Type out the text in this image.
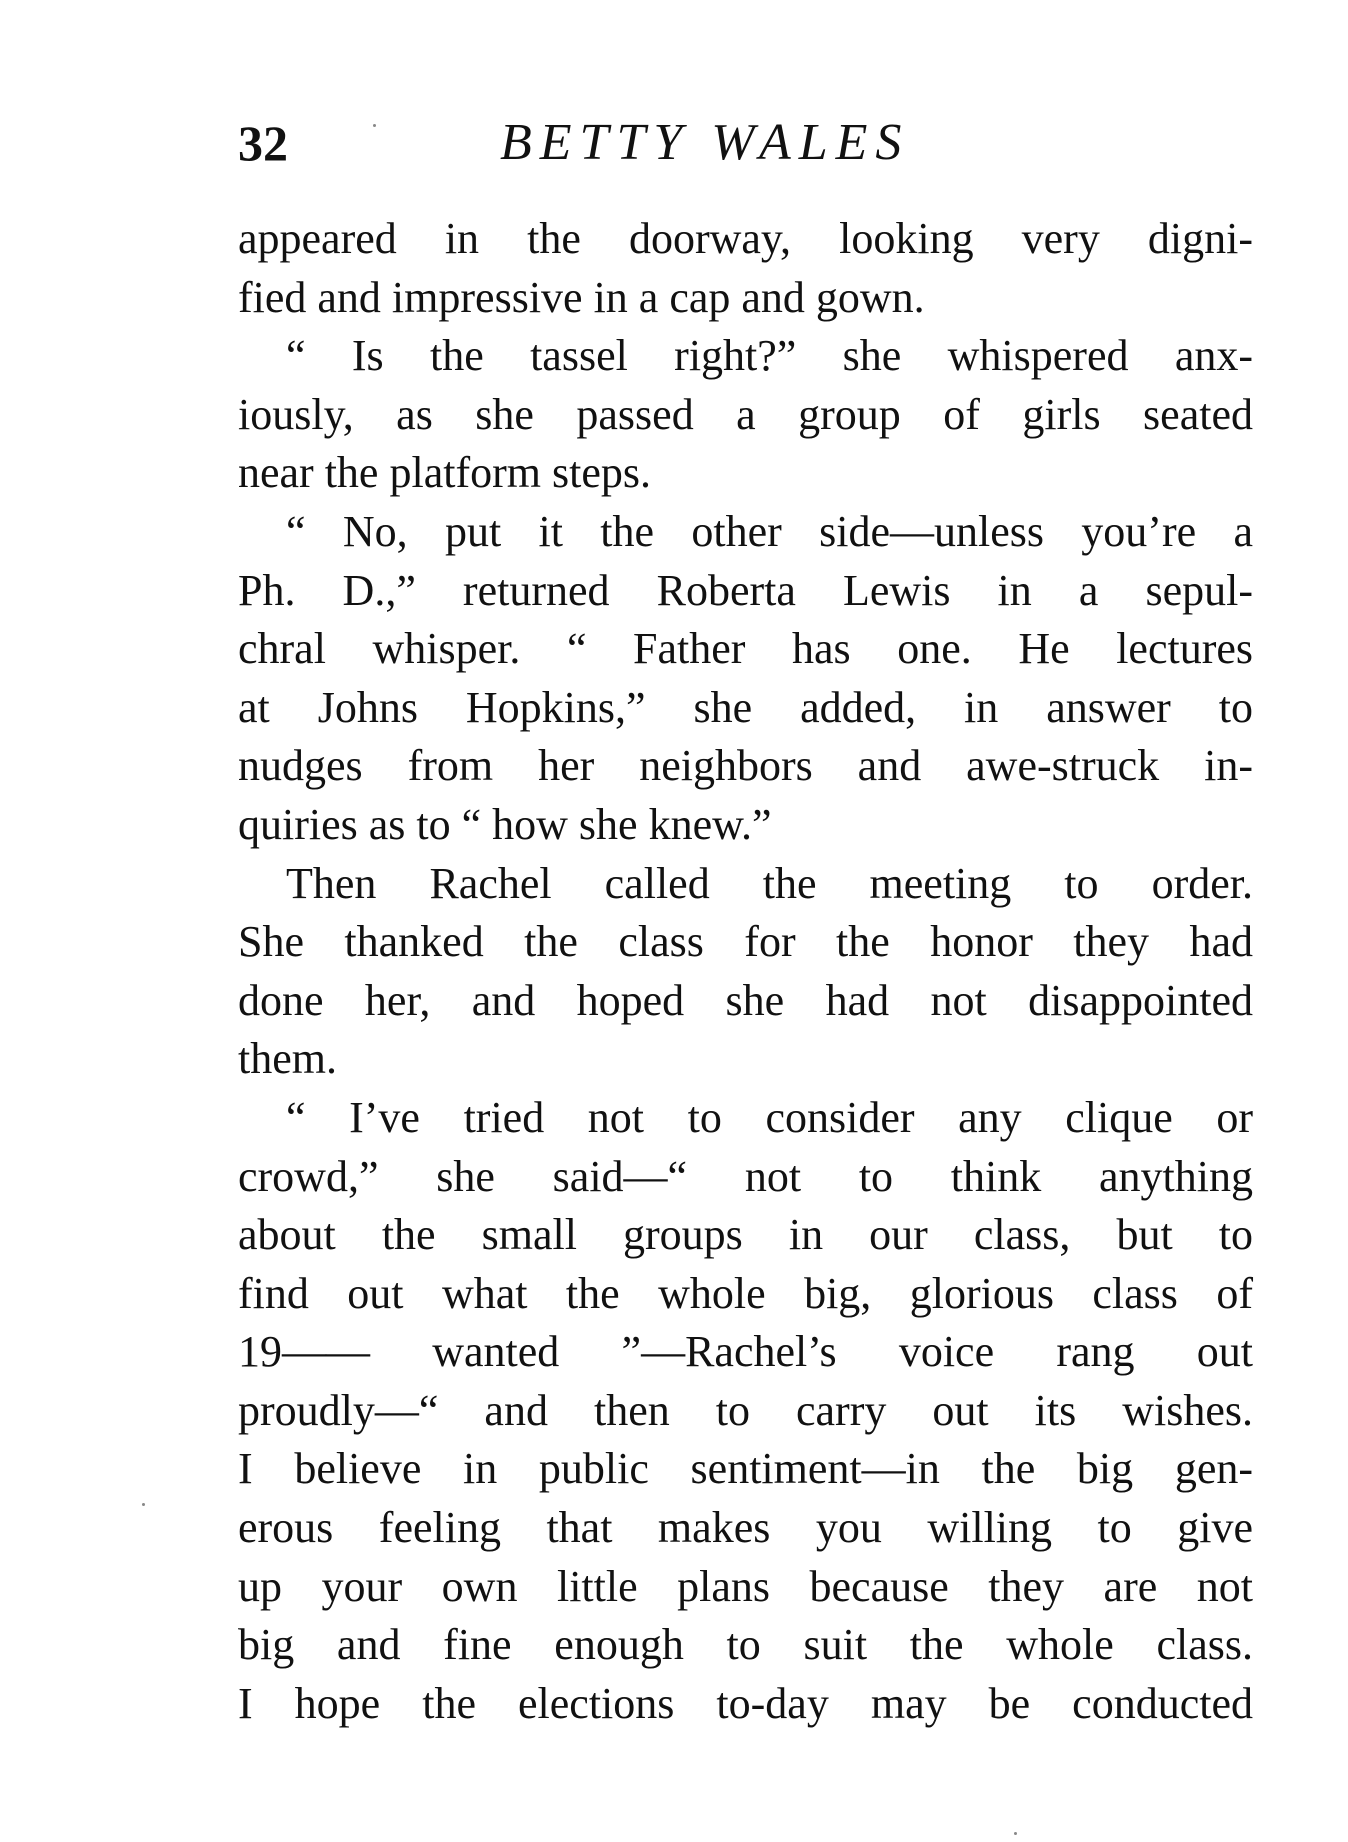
32	BETTY WALES
appeared in the doorway, looking very digni-
fied and impressive in a cap and gown.
“ Is the tassel right?” she whispered anx-
iously, as she passed a group of girls seated
near the platform steps.
“ No, put it the other side—unless you’re a
Ph. D.,” returned Roberta Lewis in a sepul-
chral whisper. “ Father has one. He lectures
at Johns Hopkins,” she added, in answer to
nudges from her neighbors and awe-struck in-
quiries as to “ how she knew.”
Then Rachel called the meeting to order.
She thanked the class for the honor they had
done her, and hoped she had not disappointed
them.
“ I’ve tried not to consider any clique or
crowd,” she said—“ not to think anything
about the small groups in our class, but to
find out what the whole big, glorious class of
19—— wanted ”—Rachel’s voice rang out
proudly—“ and then to carry out its wishes.
I believe in public sentiment—in the big gen-
erous feeling that makes you willing to give
up your own little plans because they are not
big and fine enough to suit the whole class.
I hope the elections to-day may be conducted
